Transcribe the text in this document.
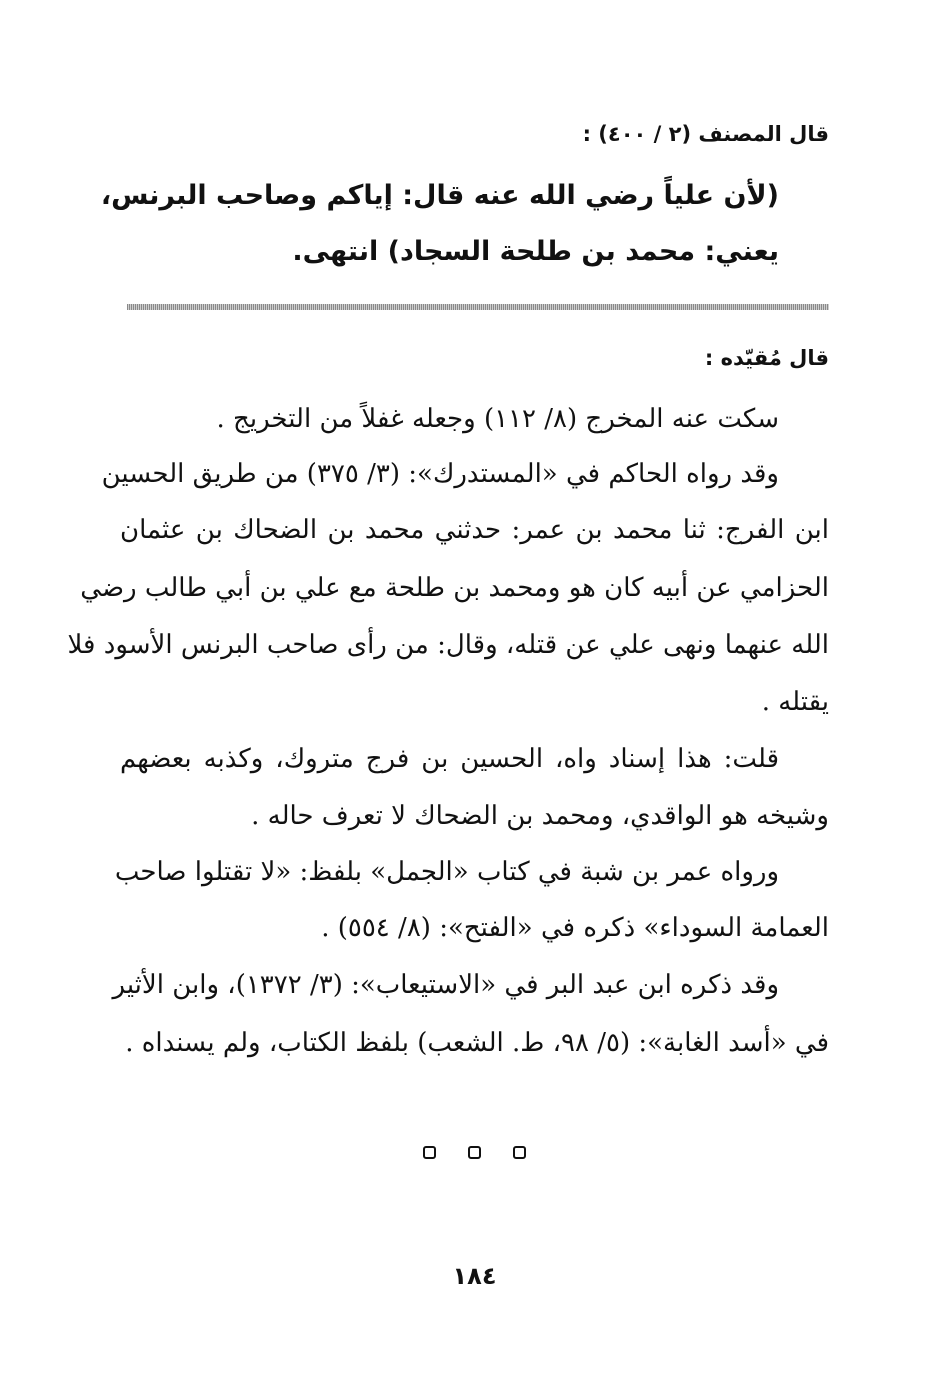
قال المصنف (٢ / ٤٠٠) :
(لأن علياً رضي الله عنه قال: إياكم وصاحب البرنس،
يعني: محمد بن طلحة السجاد) انتهى.
قال مُقيّده :
سكت عنه المخرج (٨/ ١١٢) وجعله غفلاً من التخريج .
وقد رواه الحاكم في «المستدرك»: (٣/ ٣٧٥) من طريق الحسين
ابن الفرج: ثنا محمد بن عمر: حدثني محمد بن الضحاك بن عثمان
الحزامي عن أبيه كان هو ومحمد بن طلحة مع علي بن أبي طالب رضي
الله عنهما ونهى علي عن قتله، وقال: من رأى صاحب البرنس الأسود فلا
يقتله .
قلت: هذا إسناد واه، الحسين بن فرج متروك، وكذبه بعضهم
وشيخه هو الواقدي، ومحمد بن الضحاك لا تعرف حاله .
ورواه عمر بن شبة في كتاب «الجمل» بلفظ: «لا تقتلوا صاحب
العمامة السوداء» ذكره في «الفتح»: (٨/ ٥٥٤) .
وقد ذكره ابن عبد البر في «الاستيعاب»: (٣/ ١٣٧٢)، وابن الأثير
في «أسد الغابة»: (٥/ ٩٨، ط. الشعب) بلفظ الكتاب، ولم يسنداه .
١٨٤
